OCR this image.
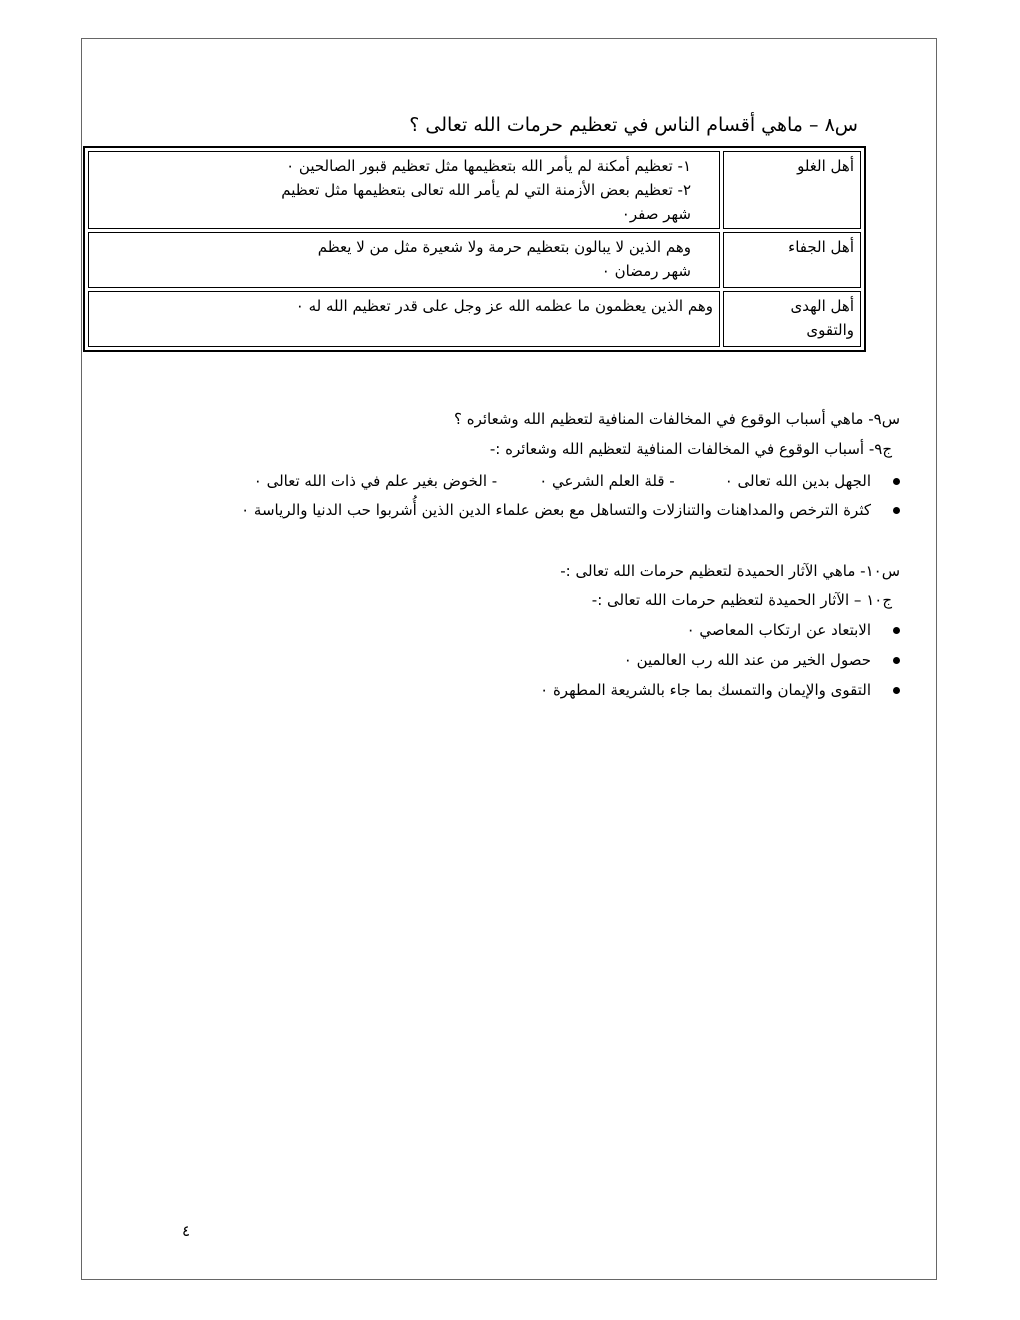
س٨ – ماهي أقسام الناس في تعظيم حرمات الله تعالى ؟
أهل الغلو	١- تعظيم أمكنة لم يأمر الله بتعظيمها مثل تعظيم قبور الصالحين ٠
٢- تعظيم بعض الأزمنة التي لم يأمر الله تعالى بتعظيمها مثل تعظيم
شهر صفر٠

أهل الجفاء	وهم الذين لا يبالون بتعظيم حرمة ولا شعيرة مثل من لا يعظم
شهر رمضان ٠

أهل الهدى
والتقوى	وهم الذين يعظمون ما عظمه الله عز وجل على قدر تعظيم الله له ٠
س٩- ماهي أسباب الوقوع في المخالفات المنافية لتعظيم الله وشعائره ؟
ج٩- أسباب الوقوع في المخالفات المنافية لتعظيم الله وشعائره :-
الجهل بدين الله تعالى ٠- قلة العلم الشرعي ٠- الخوض بغير علم في ذات الله تعالى ٠
كثرة الترخص والمداهنات والتنازلات والتساهل مع بعض علماء الدين الذين أُشربوا حب الدنيا والرياسة ٠
س١٠- ماهي الآثار الحميدة لتعظيم حرمات الله تعالى :-
ج١٠ – الآثار الحميدة لتعظيم حرمات الله تعالى :-
الابتعاد عن ارتكاب المعاصي ٠
حصول الخير من عند الله رب العالمين ٠
التقوى والإيمان والتمسك بما جاء بالشريعة المطهرة ٠
٤
